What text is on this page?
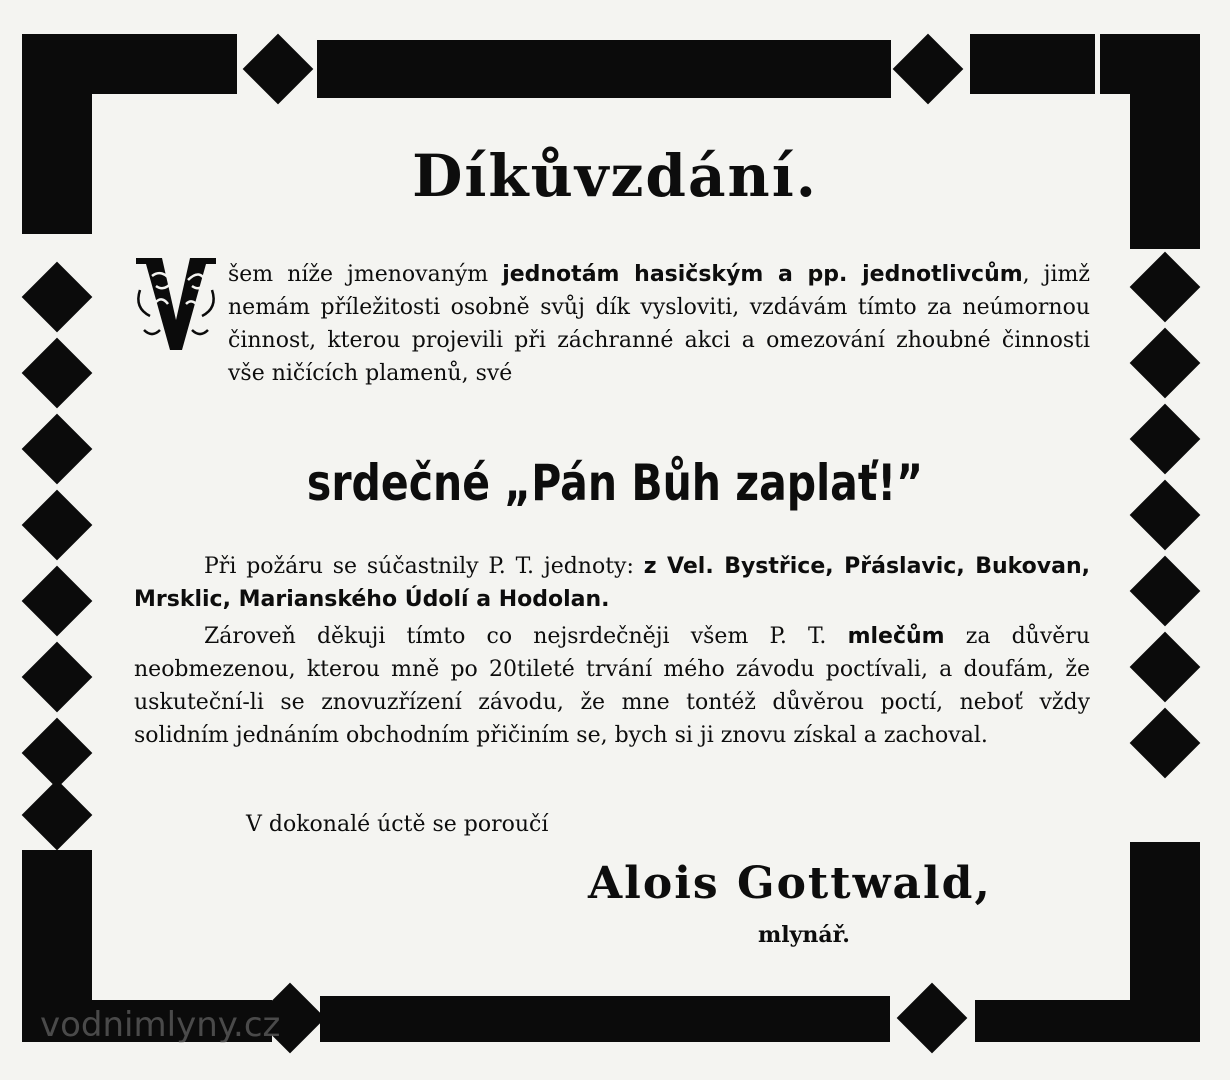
Díkůvzdání.
šem níže jmenovaným jednotám hasičským a pp. jednotlivcům, jimž nemám příležitosti osobně svůj dík vysloviti, vzdávám tímto za neúmornou činnost, kterou projevili při záchranné akci a omezování zhoubné činnosti vše ničících plamenů, své
srdečné „Pán Bůh zaplať!”
Při požáru se súčastnily P. T. jednoty: z Vel. Bystřice, Přáslavic, Bukovan, Mrsklic, Marianského Údolí a Hodolan.
Zároveň děkuji tímto co nejsrdečněji všem P. T. mlečům za důvěru neobmezenou, kterou mně po 20tileté trvání mého závodu poctívali, a doufám, že uskuteční-li se znovuzřízení závodu, že mne tontéž důvěrou poctí, neboť vždy solidním jednáním obchodním přičiním se, bych si ji znovu získal a zachoval.
V dokonalé úctě se poroučí
Alois Gottwald,
mlynář.
vodnimlyny.cz
